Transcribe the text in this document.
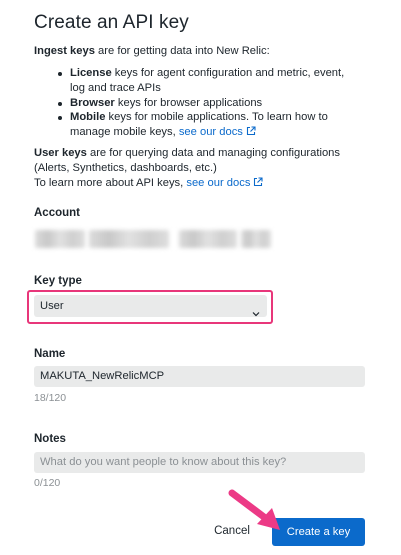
Create an API key
Ingest keys are for getting data into New Relic:
License keys for agent configuration and metric, event, log and trace APIs
Browser keys for browser applications
Mobile keys for mobile applications. To learn how to manage mobile keys, see our docs
User keys are for querying data and managing configurations (Alerts, Synthetics, dashboards, etc.)
To learn more about API keys, see our docs
Account
Key type
User
Name
MAKUTA_NewRelicMCP
18/120
Notes
What do you want people to know about this key?
0/120
Cancel	Create a key
